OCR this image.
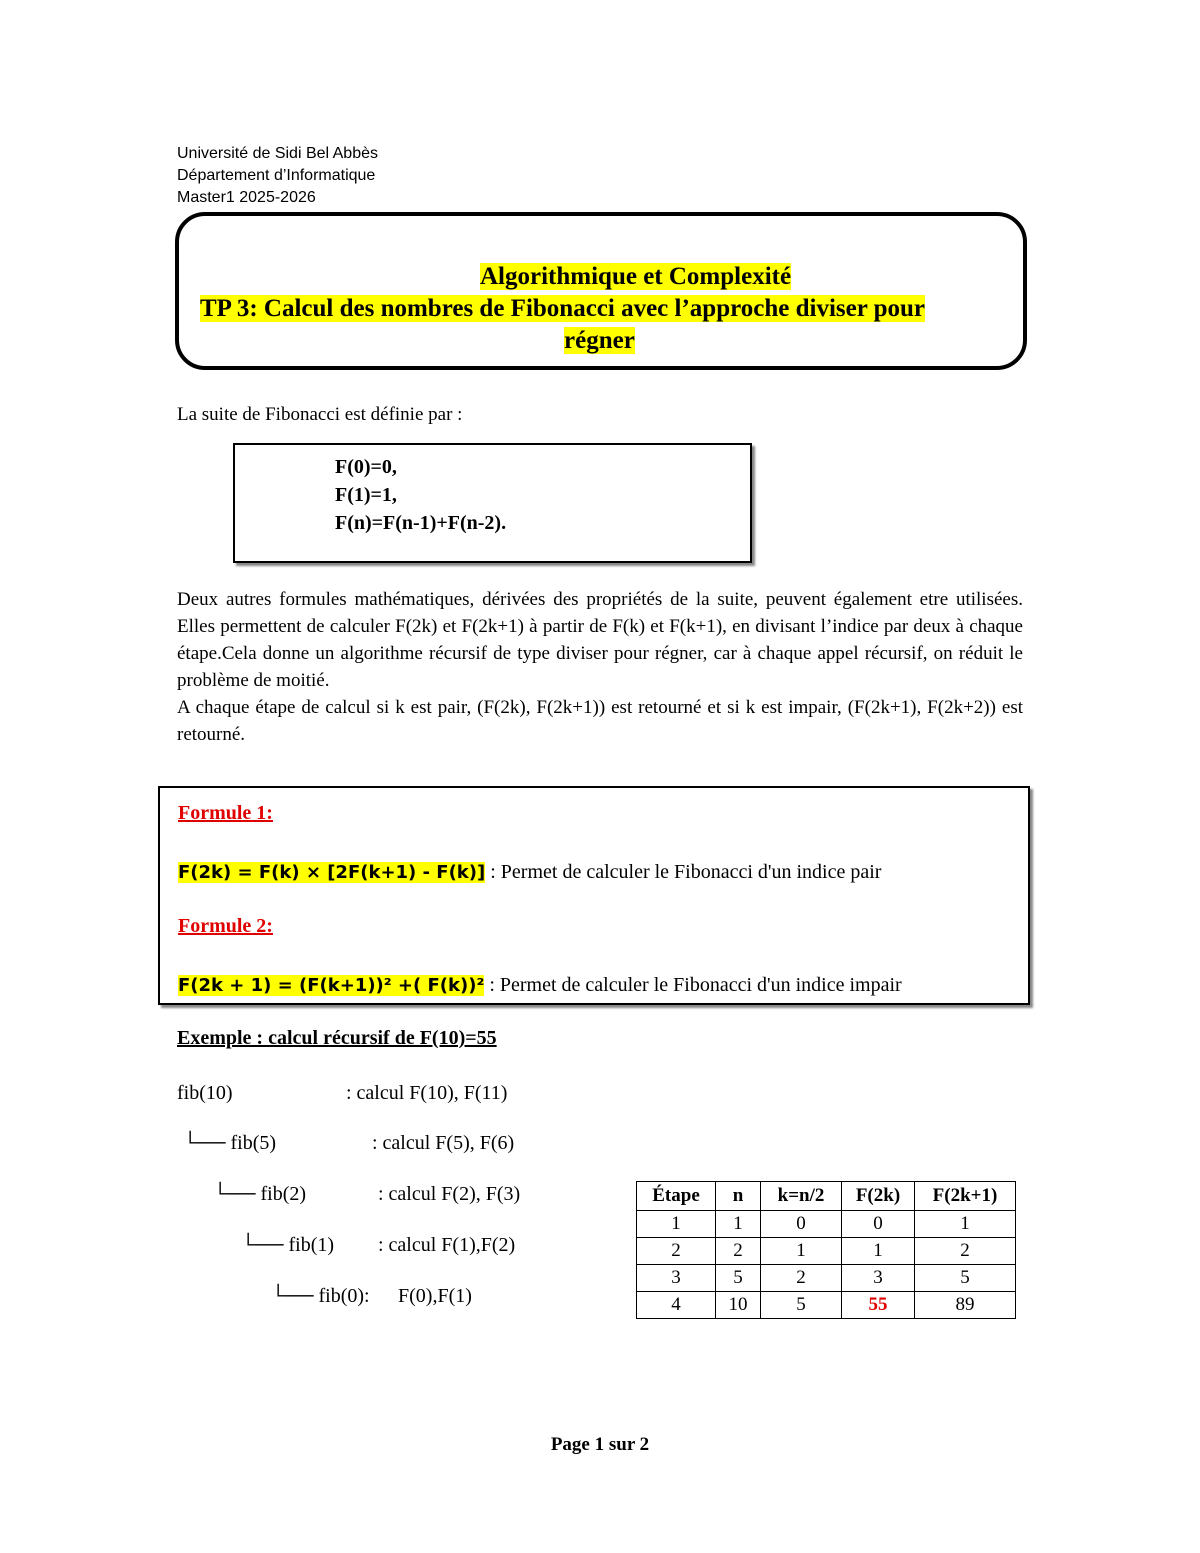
Université de Sidi Bel Abbès
Département d’Informatique
Master1 2025-2026
Algorithmique et Complexité
TP 3: Calcul des nombres de Fibonacci avec l’approche diviser pour
régner
La suite de Fibonacci est définie par :
F(0)=0,
F(1)=1,
F(n)=F(n-1)+F(n-2).

Deux autres formules mathématiques, dérivées des propriétés de la suite, peuvent également etre utilisées. Elles permettent de calculer F(2k) et F(2k+1) à partir de F(k) et F(k+1), en divisant l’indice par deux à chaque étape.Cela donne un algorithme récursif de type diviser pour régner, car à chaque appel récursif, on réduit le problème de moitié.

A chaque étape de calcul si k est pair, (F(2k), F(2k+1)) est retourné et si k est impair, (F(2k+1), F(2k+2)) est retourné.

Formule 1:
F(2k) = F(k) × [2F(k+1) - F(k)] : Permet de calculer le Fibonacci d'un indice pair
Formule 2:
F(2k + 1) = (F(k+1))² +( F(k))² : Permet de calculer le Fibonacci d'un indice impair
Exemple : calcul récursif de F(10)=55
fib(10)	: calcul F(10), F(11)
└── fib(5)	: calcul F(5), F(6)
└── fib(2)	: calcul F(2), F(3)
└── fib(1) : calcul F(1),F(2)
└── fib(0): F(0),F(1)
Étape	n	k=n/2	F(2k)	F(2k+1)
1	1	0	0	1
2	2	1	1	2
3	5	2	3	5
4	10	5	55	89
Page 1 sur 2
